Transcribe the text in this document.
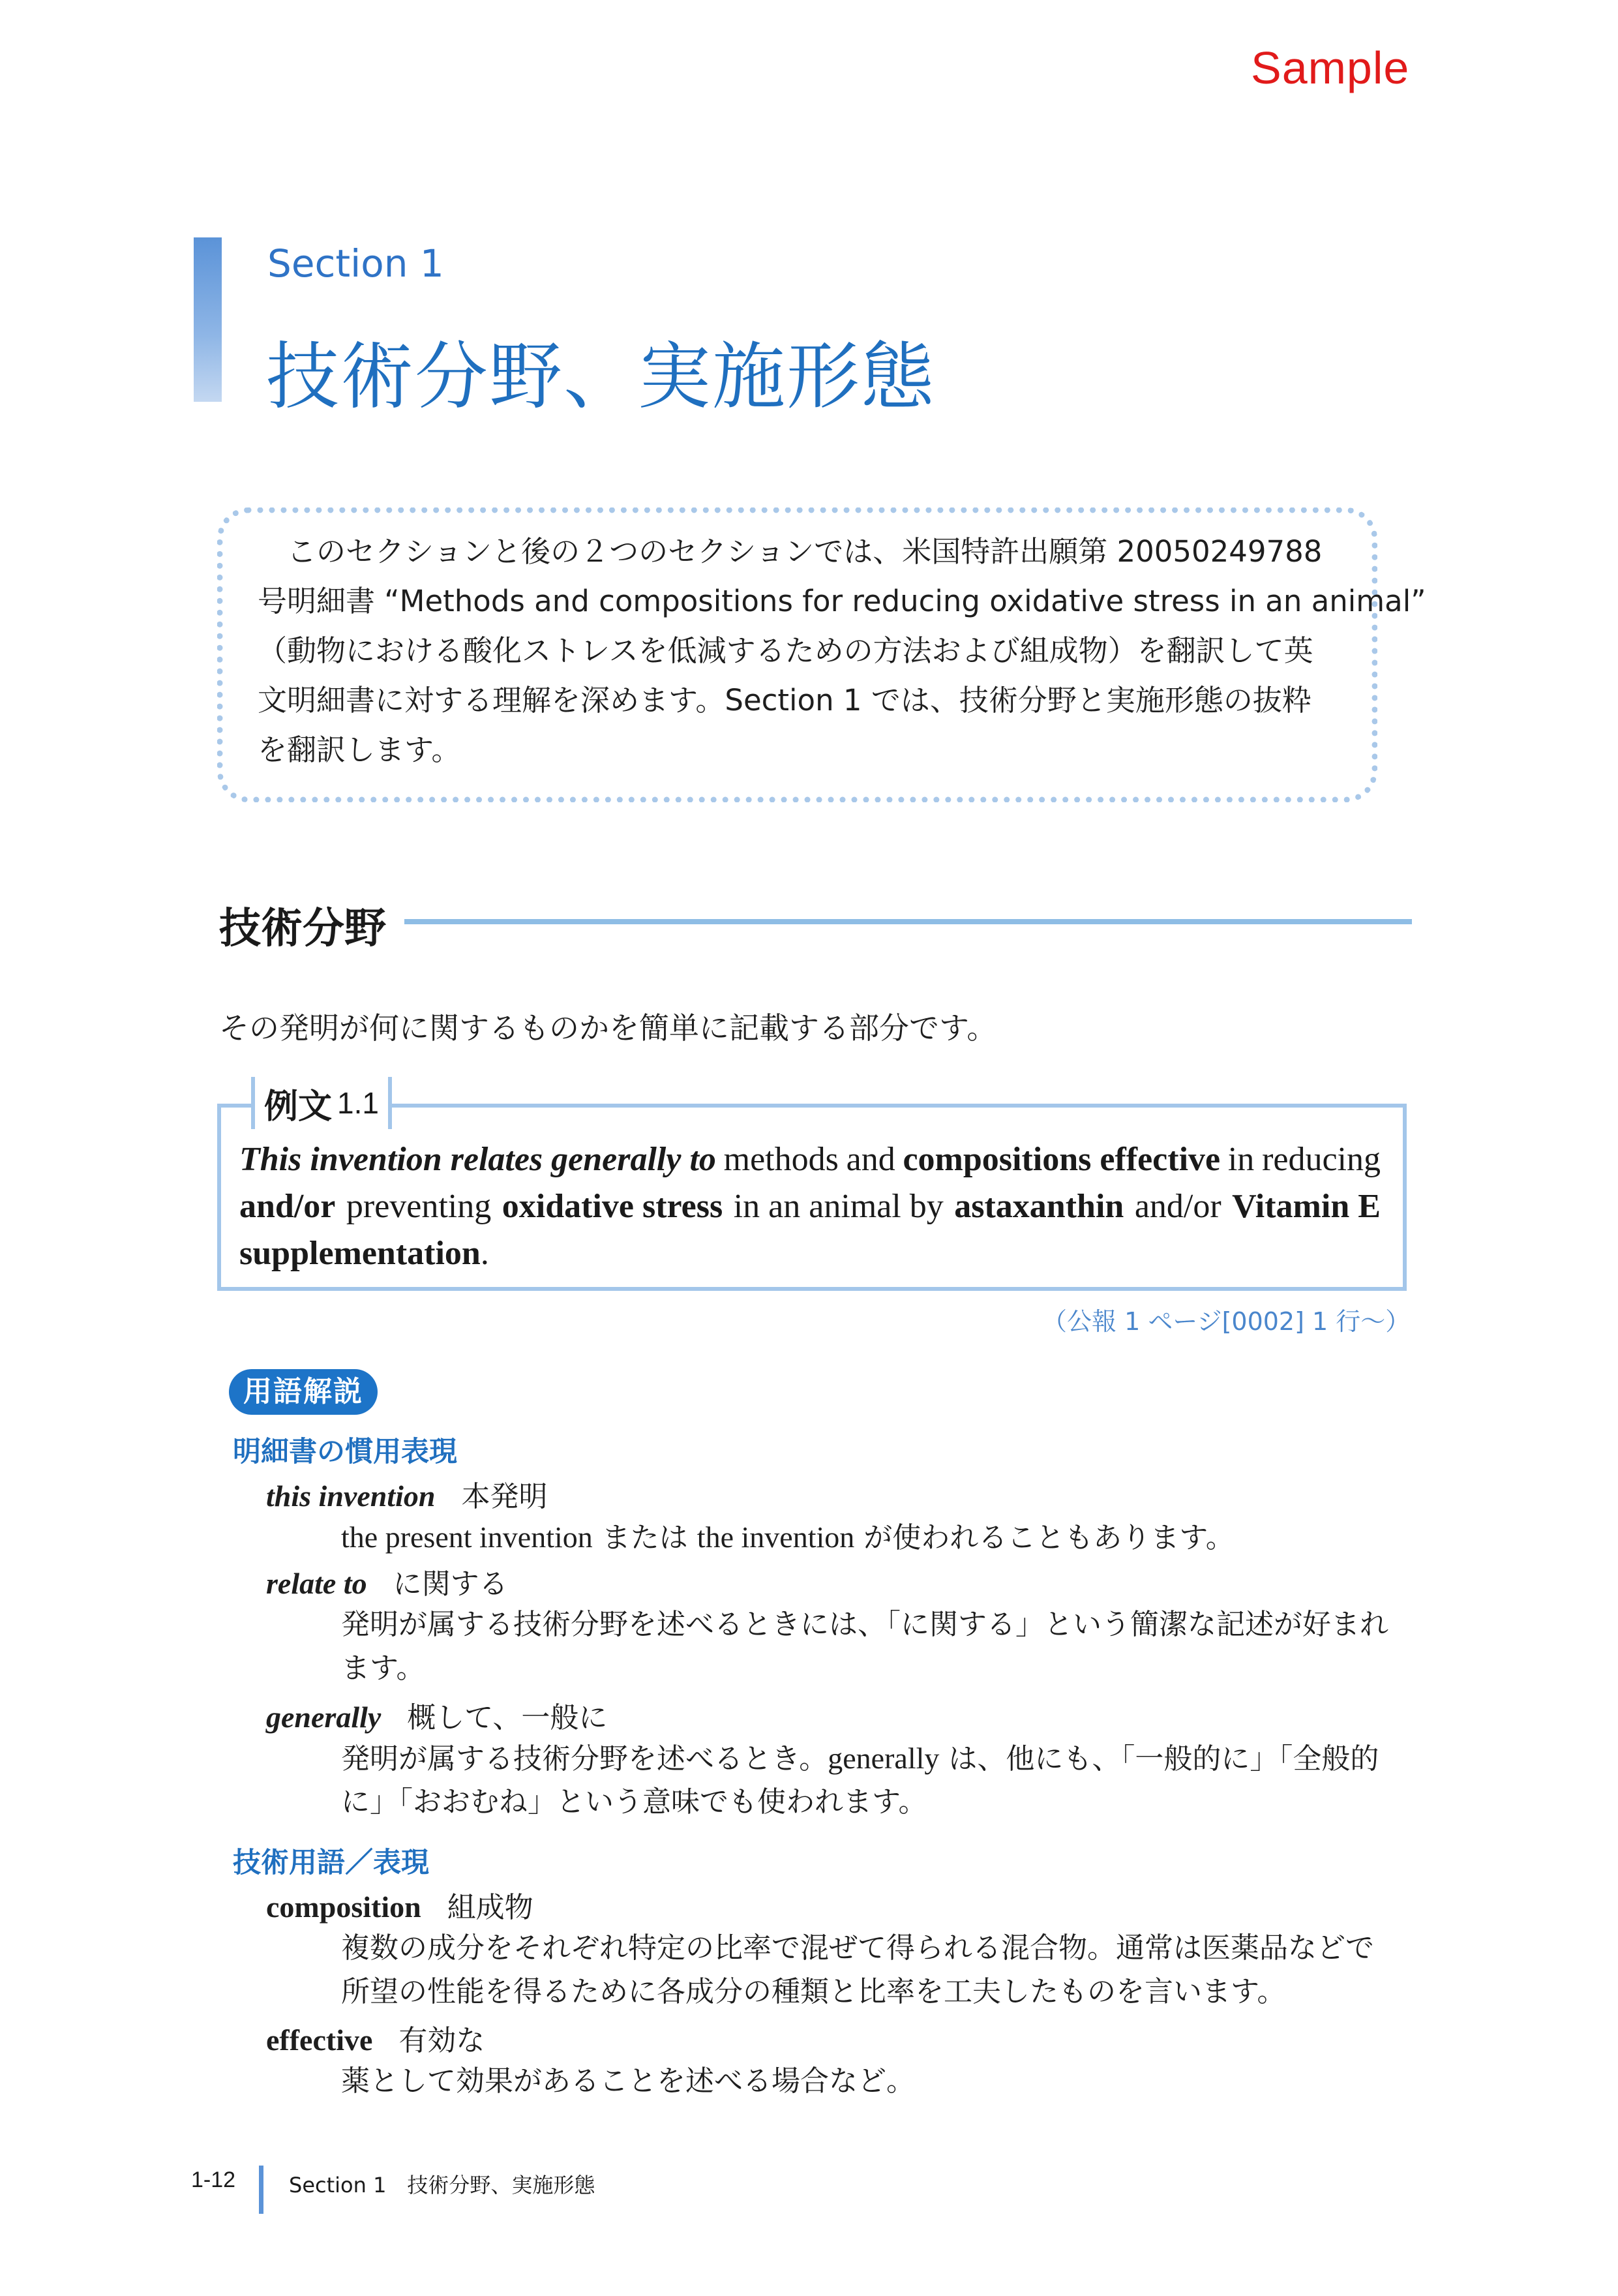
Sample
Section 1
技術分野、実施形態
　このセクションと後の２つのセクションでは、米国特許出願第 20050249788
号明細書 “Methods and compositions for reducing oxidative stress in an animal”
（動物における酸化ストレスを低減するための方法および組成物）を翻訳して英
文明細書に対する理解を深めます。Section 1 では、技術分野と実施形態の抜粋
を翻訳します。
技術分野
その発明が何に関するものかを簡単に記載する部分です。
例文 1.1
This invention relates generally to methods and compositions effective in reducing
and/or preventing oxidative stress in an animal by astaxanthin and/or Vitamin E
supplementation.
（公報 1 ページ[0002] 1 行～）
用語解説
明細書の慣用表現
this invention 本発明
the present invention または the invention が使われることもあります。
relate to に関する
発明が属する技術分野を述べるときには、「に関する」という簡潔な記述が好まれ
ます。
generally 概して、一般に
発明が属する技術分野を述べるとき。generally は、他にも、「一般的に」「全般的
に」「おおむね」という意味でも使われます。
技術用語／表現
composition 組成物
複数の成分をそれぞれ特定の比率で混ぜて得られる混合物。通常は医薬品などで
所望の性能を得るために各成分の種類と比率を工夫したものを言います。
effective 有効な
薬として効果があることを述べる場合など。
1-12	Section 1　技術分野、実施形態
